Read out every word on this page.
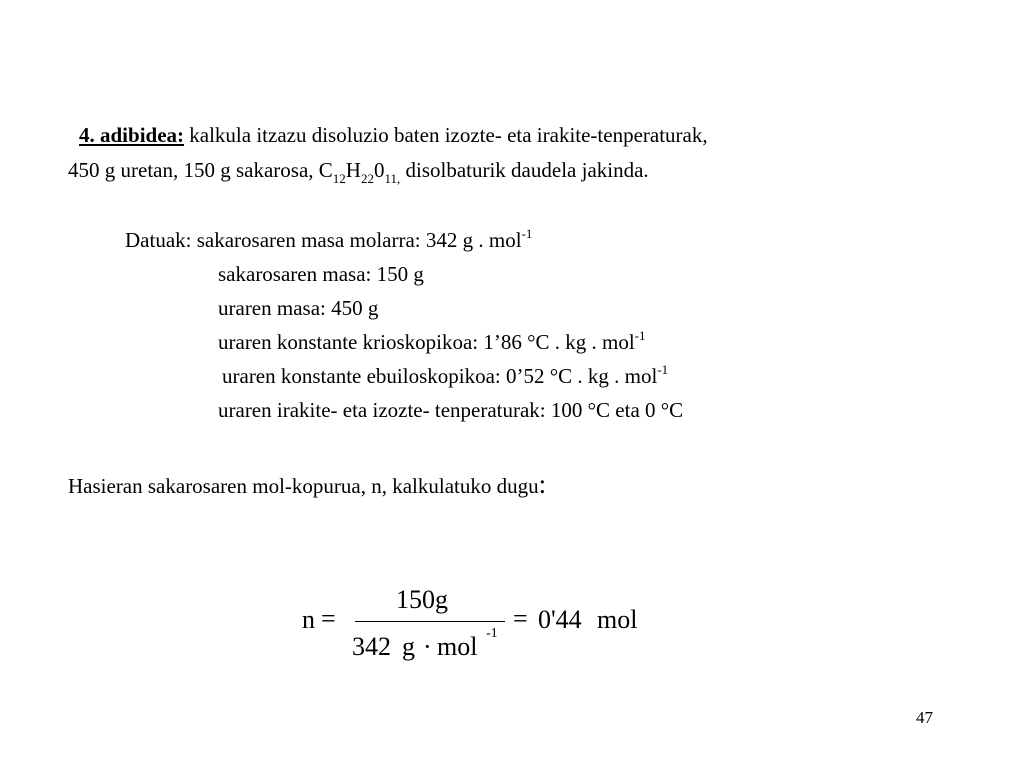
4. adibidea: kalkula itzazu disoluzio baten izozte- eta irakite-tenperaturak,
450 g uretan, 150 g sakarosa, $C_{12}H_{22}0_{11,}$ disolbaturik daudela jakinda.
Datuak: sakarosaren masa molarra: 342 g . mol$^{-1}$
sakarosaren masa: 150 g
uraren masa: 450 g
uraren konstante krioskopikoa: 1’86 °C . kg . mol$^{-1}$
uraren konstante ebuiloskopikoa: 0’52 °C . kg . mol$^{-1}$
uraren irakite- eta izozte- tenperaturak: 100 °C eta 0 °C
Hasieran sakarosaren mol-kopurua, n, kalkulatuko dugu:
n =
150g
342 g · mol -1
= 0'44 mol
47
